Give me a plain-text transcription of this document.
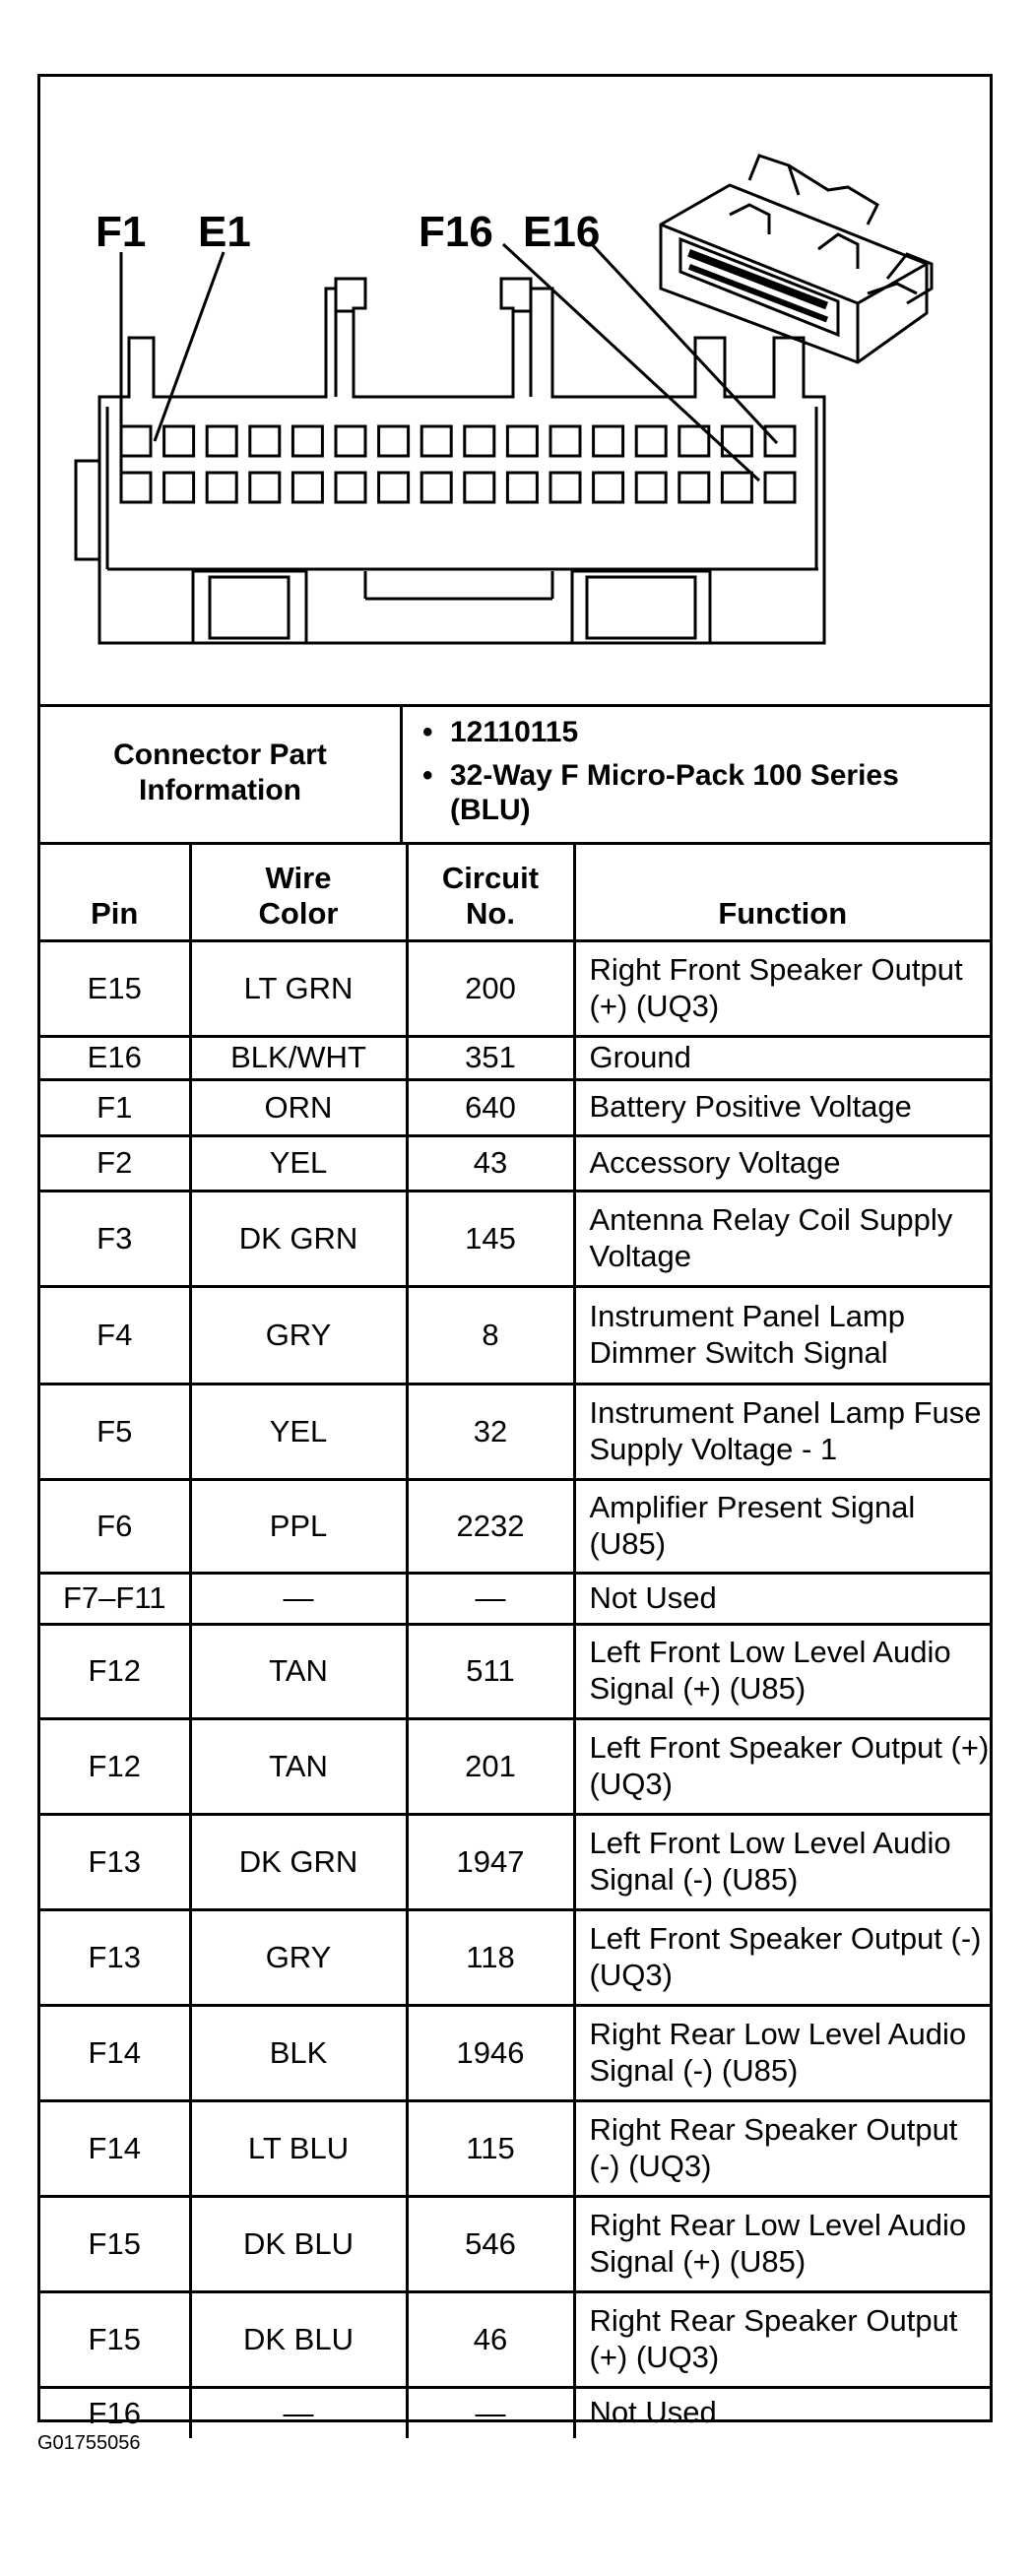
F1 E1	F16 E16
Connector Part Information
• 12110115
• 32-Way F Micro-Pack 100 Series (BLU)
Pin	Wire Color	Circuit No.	Function
E15	LT GRN	200	Right Front Speaker Output (+) (UQ3)
E16	BLK/WHT	351	Ground
F1	ORN	640	Battery Positive Voltage
F2	YEL	43	Accessory Voltage
F3	DK GRN	145	Antenna Relay Coil Supply Voltage
F4	GRY	8	Instrument Panel Lamp Dimmer Switch Signal
F5	YEL	32	Instrument Panel Lamp Fuse Supply Voltage - 1
F6	PPL	2232	Amplifier Present Signal (U85)
F7–F11	—	—	Not Used
F12	TAN	511	Left Front Low Level Audio Signal (+) (U85)
F12	TAN	201	Left Front Speaker Output (+) (UQ3)
F13	DK GRN	1947	Left Front Low Level Audio Signal (-) (U85)
F13	GRY	118	Left Front Speaker Output (-) (UQ3)
F14	BLK	1946	Right Rear Low Level Audio Signal (-) (U85)
F14	LT BLU	115	Right Rear Speaker Output (-) (UQ3)
F15	DK BLU	546	Right Rear Low Level Audio Signal (+) (U85)
F15	DK BLU	46	Right Rear Speaker Output (+) (UQ3)
F16	—	—	Not Used
G01755056
